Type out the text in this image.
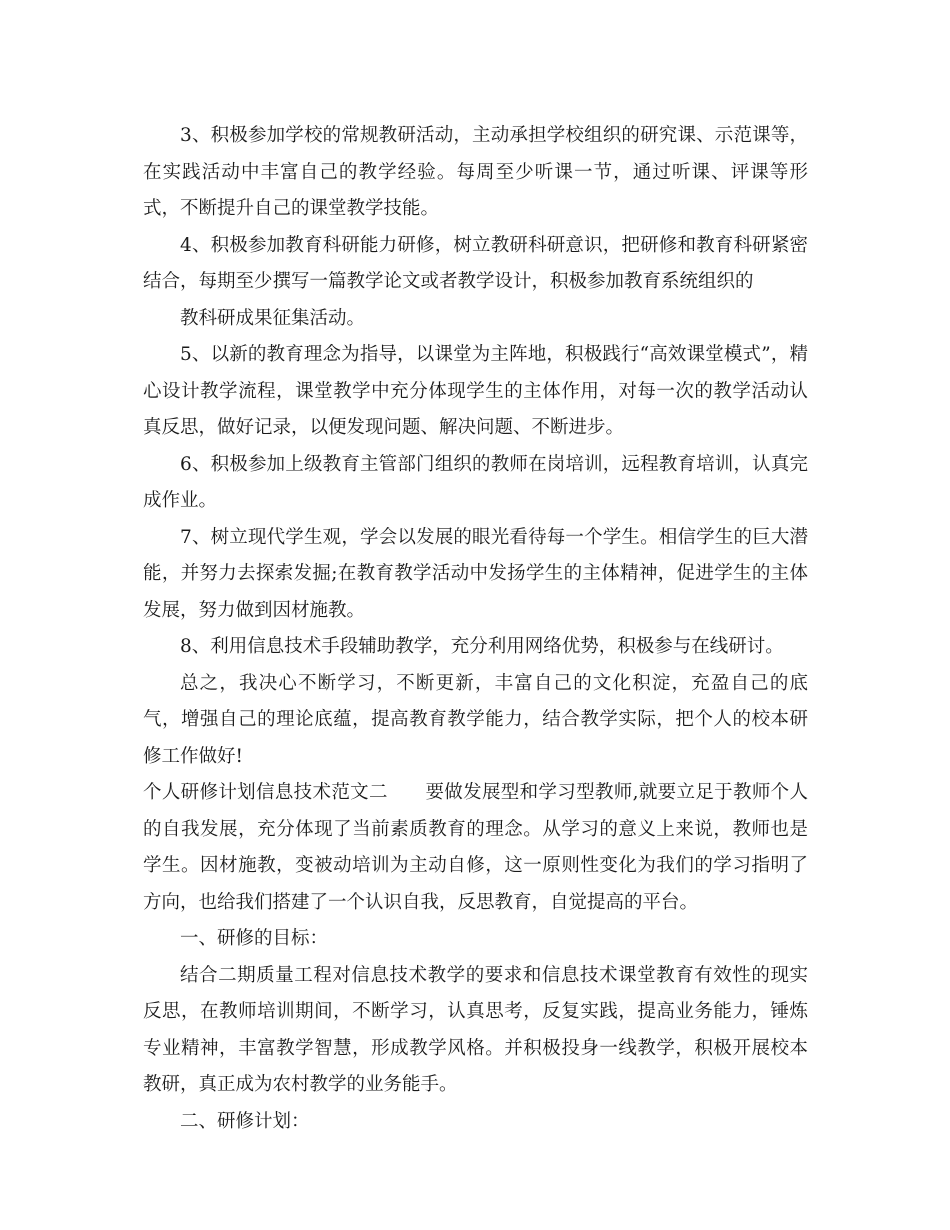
3、积极参加学校的常规教研活动，主动承担学校组织的研究课、示范课等，在实践活动中丰富自己的教学经验。每周至少听课一节，通过听课、评课等形式，不断提升自己的课堂教学技能。

4、积极参加教育科研能力研修，树立教研科研意识，把研修和教育科研紧密结合，每期至少撰写一篇教学论文或者教学设计，积极参加教育系统组织的

教科研成果征集活动。

5、以新的教育理念为指导，以课堂为主阵地，积极践行“高效课堂模式”，精心设计教学流程，课堂教学中充分体现学生的主体作用，对每一次的教学活动认真反思，做好记录，以便发现问题、解决问题、不断进步。

6、积极参加上级教育主管部门组织的教师在岗培训，远程教育培训，认真完成作业。

7、树立现代学生观，学会以发展的眼光看待每一个学生。相信学生的巨大潜能，并努力去探索发掘;在教育教学活动中发扬学生的主体精神，促进学生的主体发展，努力做到因材施教。

8、利用信息技术手段辅助教学，充分利用网络优势，积极参与在线研讨。

总之，我决心不断学习，不断更新，丰富自己的文化积淀，充盈自己的底气，增强自己的理论底蕴，提高教育教学能力，结合教学实际，把个人的校本研修工作做好!

个人研修计划信息技术范文二　　要做发展型和学习型教师,就要立足于教师个人的自我发展，充分体现了当前素质教育的理念。从学习的意义上来说，教师也是学生。因材施教，变被动培训为主动自修，这一原则性变化为我们的学习指明了方向，也给我们搭建了一个认识自我，反思教育，自觉提高的平台。

一、研修的目标：

结合二期质量工程对信息技术教学的要求和信息技术课堂教育有效性的现实反思，在教师培训期间，不断学习，认真思考，反复实践，提高业务能力，锤炼专业精神，丰富教学智慧，形成教学风格。并积极投身一线教学，积极开展校本教研，真正成为农村教学的业务能手。

二、研修计划：
